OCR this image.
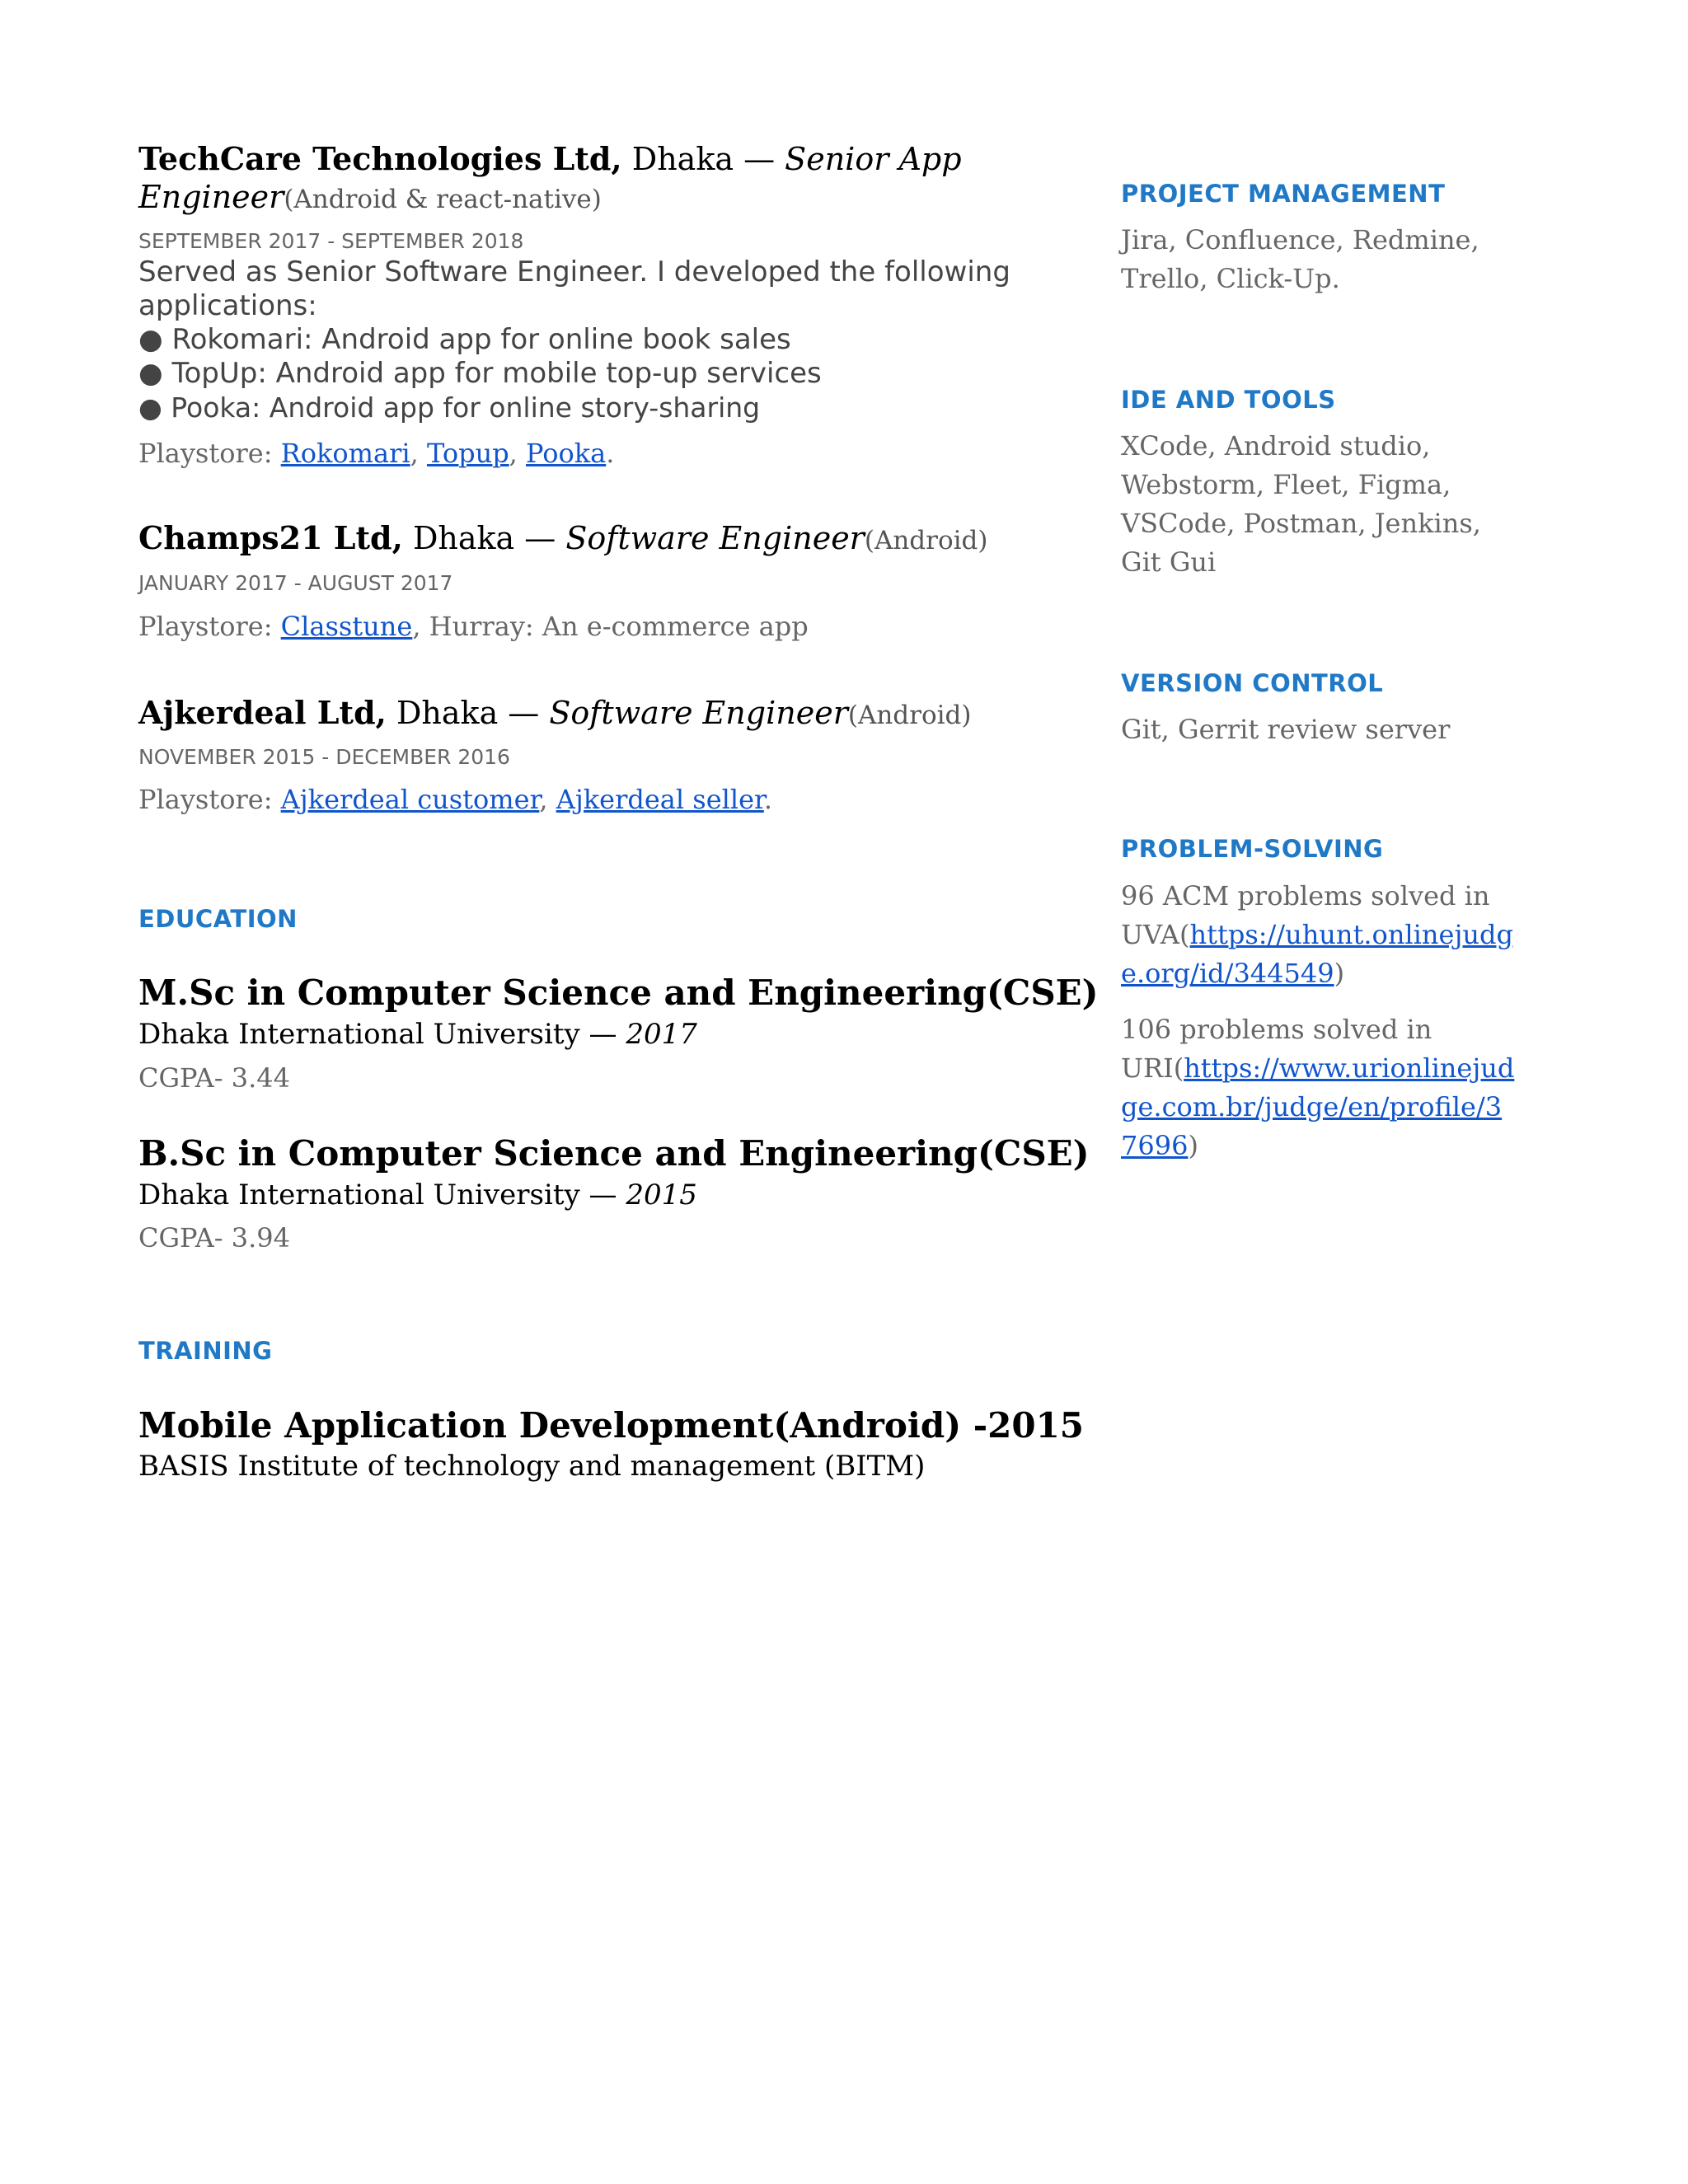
TechCare Technologies Ltd, Dhaka — Senior App
Engineer(Android & react-native)
SEPTEMBER 2017 - SEPTEMBER 2018
Served as Senior Software Engineer. I developed the following
applications:
● Rokomari: Android app for online book sales
● TopUp: Android app for mobile top-up services
● Pooka: Android app for online story-sharing
Playstore: Rokomari, Topup, Pooka.
Champs21 Ltd, Dhaka — Software Engineer(Android)
JANUARY 2017 - AUGUST 2017
Playstore: Classtune, Hurray: An e-commerce app
Ajkerdeal Ltd, Dhaka — Software Engineer(Android)
NOVEMBER 2015 - DECEMBER 2016
Playstore: Ajkerdeal customer, Ajkerdeal seller.
EDUCATION
M.Sc in Computer Science and Engineering(CSE)
Dhaka International University — 2017
CGPA- 3.44
B.Sc in Computer Science and Engineering(CSE)
Dhaka International University — 2015
CGPA- 3.94
TRAINING
Mobile Application Development(Android) -2015
BASIS Institute of technology and management (BITM)
PROJECT MANAGEMENT
Jira, Confluence, Redmine, Trello, Click-Up.
IDE AND TOOLS
XCode, Android studio, Webstorm, Fleet, Figma, VSCode, Postman, Jenkins, Git Gui
VERSION CONTROL
Git, Gerrit review server
PROBLEM-SOLVING
96 ACM problems solved in UVA(https://uhunt.onlinejudge.org/id/344549)
106 problems solved in URI(https://www.urionlinejudge.com.br/judge/en/profile/37696)
